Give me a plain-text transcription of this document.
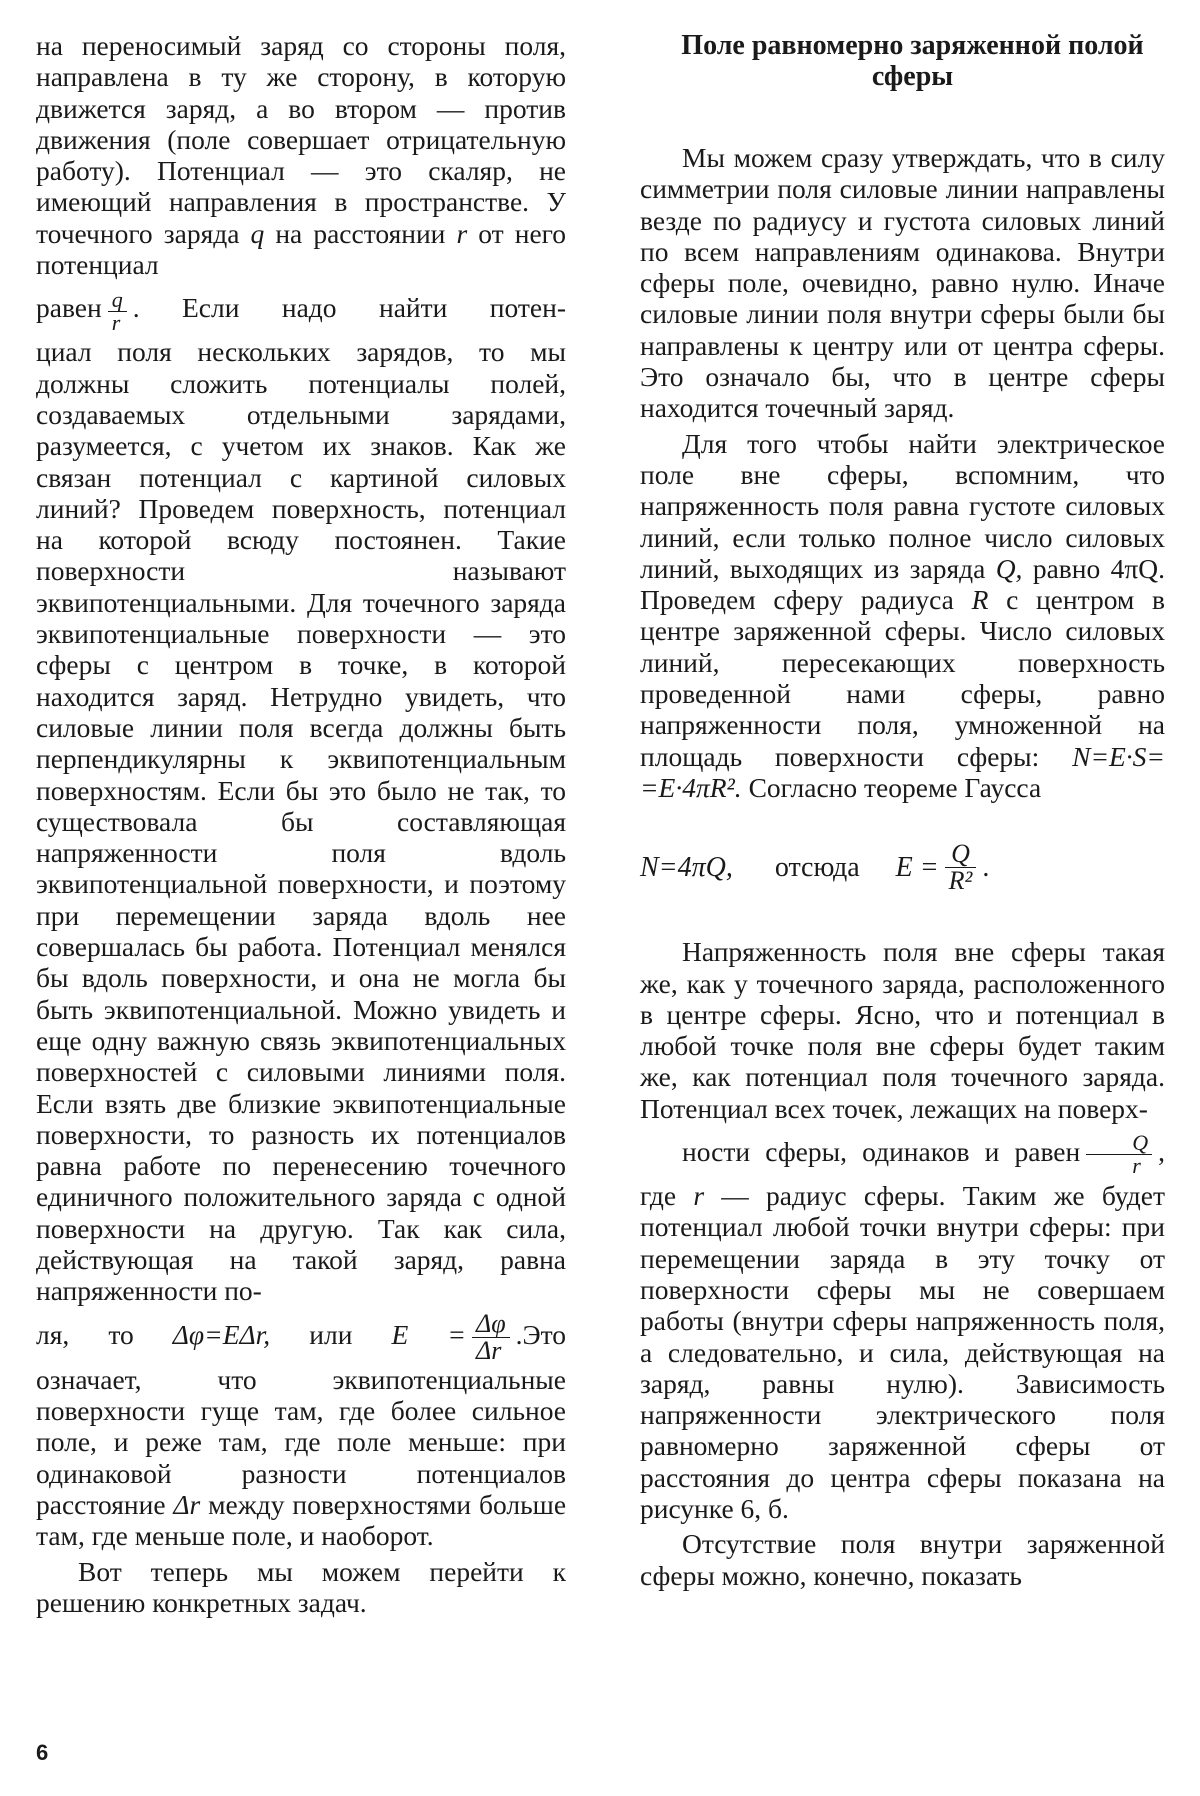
на переносимый заряд со стороны поля, направлена в ту же сторону, в которую движется заряд, а во втором — против движения (поле совершает отрицательную работу). Потенциал — это скаляр, не имеющий направления в пространстве. У точечного заряда q на расстоянии r от него потенциал
равен $\frac{q}{r}$ . Если надо найти потен-
циал поля нескольких зарядов, то мы должны сложить потенциалы полей, создаваемых отдельными зарядами, разумеется, с учетом их знаков. Как же связан потенциал с картиной силовых линий? Проведем поверхность, потенциал на которой всюду постоянен. Такие поверхности называют эквипотенциальными. Для точечного заряда эквипотенциальные поверхности — это сферы с центром в точке, в которой находится заряд. Нетрудно увидеть, что силовые линии поля всегда должны быть перпендикулярны к эквипотенциальным поверхностям. Если бы это было не так, то существовала бы составляющая напряженности поля вдоль эквипотенциальной поверхности, и поэтому при перемещении заряда вдоль нее совершалась бы работа. Потенциал менялся бы вдоль поверхности, и она не могла бы быть эквипотенциальной. Можно увидеть и еще одну важную связь эквипотенциальных поверхностей с силовыми линиями поля. Если взять две близкие эквипотенциальные поверхности, то разность их потенциалов равна работе по перенесению точечного единичного положительного заряда с одной поверхности на другую. Так как сила, действующая на такой заряд, равна напряженности по-
ля, то Δφ=EΔr, или $E = \frac{\Delta\varphi}{\Delta r} .Это$
означает, что эквипотенциальные поверхности гуще там, где более сильное поле, и реже там, где поле меньше: при одинаковой разности потенциалов расстояние Δr между поверхностями больше там, где меньше поле, и наоборот.

Вот теперь мы можем перейти к решению конкретных задач.

Поле равномерно заряженной полой сферы

Мы можем сразу утверждать, что в силу симметрии поля силовые линии направлены везде по радиусу и густота силовых линий по всем направлениям одинакова. Внутри сферы поле, очевидно, равно нулю. Иначе силовые линии поля внутри сферы были бы направлены к центру или от центра сферы. Это означало бы, что в центре сферы находится точечный заряд.

Для того чтобы найти электрическое поле вне сферы, вспомним, что напряженность поля равна густоте силовых линий, если только полное число силовых линий, выходящих из заряда Q, равно 4πQ. Проведем сферу радиуса R с центром в центре заряженной сферы. Число силовых линий, пересекающих поверхность проведенной нами сферы, равно напряженности поля, умноженной на площадь поверхности сферы: N=E·S= =E·4πR². Согласно теореме Гаусса

N=4πQ, отсюда $E = \frac{Q}{\text{R²}}$ .

Напряженность поля вне сферы такая же, как у точечного заряда, расположенного в центре сферы. Ясно, что и потенциал в любой точке поля вне сферы будет таким же, как потенциал поля точечного заряда. Потенциал всех точек, лежащих на поверх-
ности сферы, одинаков и равен $\frac{Q}{r}$ ,
где r — радиус сферы. Таким же будет потенциал любой точки внутри сферы: при перемещении заряда в эту точку от поверхности сферы мы не совершаем работы (внутри сферы напряженность поля, а следовательно, и сила, действующая на заряд, равны нулю). Зависимость напряженности электрического поля равномерно заряженной сферы от расстояния до центра сферы показана на рисунке 6, б.

Отсутствие поля внутри заряженной сферы можно, конечно, показать

6
